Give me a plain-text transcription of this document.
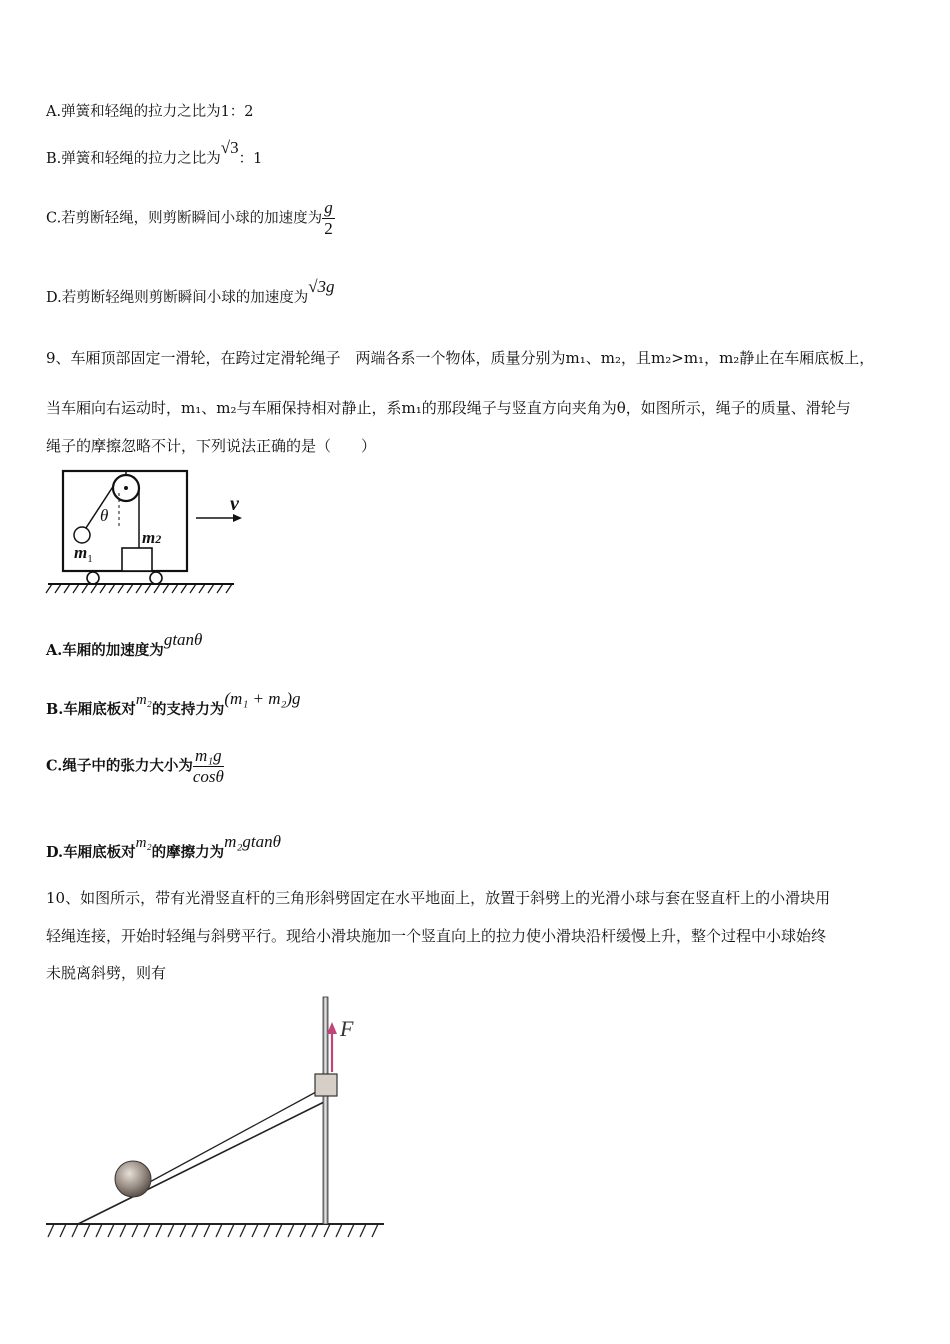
A.弹簧和轻绳的拉力之比为1：2
B.弹簧和轻绳的拉力之比为√3：1
C.若剪断轻绳，则剪断瞬间小球的加速度为 $\frac{g}{2}$
D.若剪断轻绳则剪断瞬间小球的加速度为√3g
9、车厢顶部固定一滑轮，在跨过定滑轮绳子　两端各系一个物体，质量分别为m₁、m₂，且m₂>m₁，m₂静止在车厢底板上，
当车厢向右运动时，m₁、m₂与车厢保持相对静止，系m₁的那段绳子与竖直方向夹角为θ，如图所示，绳子的质量、滑轮与
绳子的摩擦忽略不计，下列说法正确的是（　　）
θ
$m_1$
m2
v
A.车厢的加速度为gtanθ
B.车厢底板对m₂的支持力为(m₁ + m₂)g
C.绳子中的张力大小为 $\frac{\text{m₁g}}{\cos\theta}$
D.车厢底板对m₂的摩擦力为m₂gtanθ
10、如图所示，带有光滑竖直杆的三角形斜劈固定在水平地面上，放置于斜劈上的光滑小球与套在竖直杆上的小滑块用
轻绳连接，开始时轻绳与斜劈平行。现给小滑块施加一个竖直向上的拉力使小滑块沿杆缓慢上升，整个过程中小球始终
未脱离斜劈，则有
F
